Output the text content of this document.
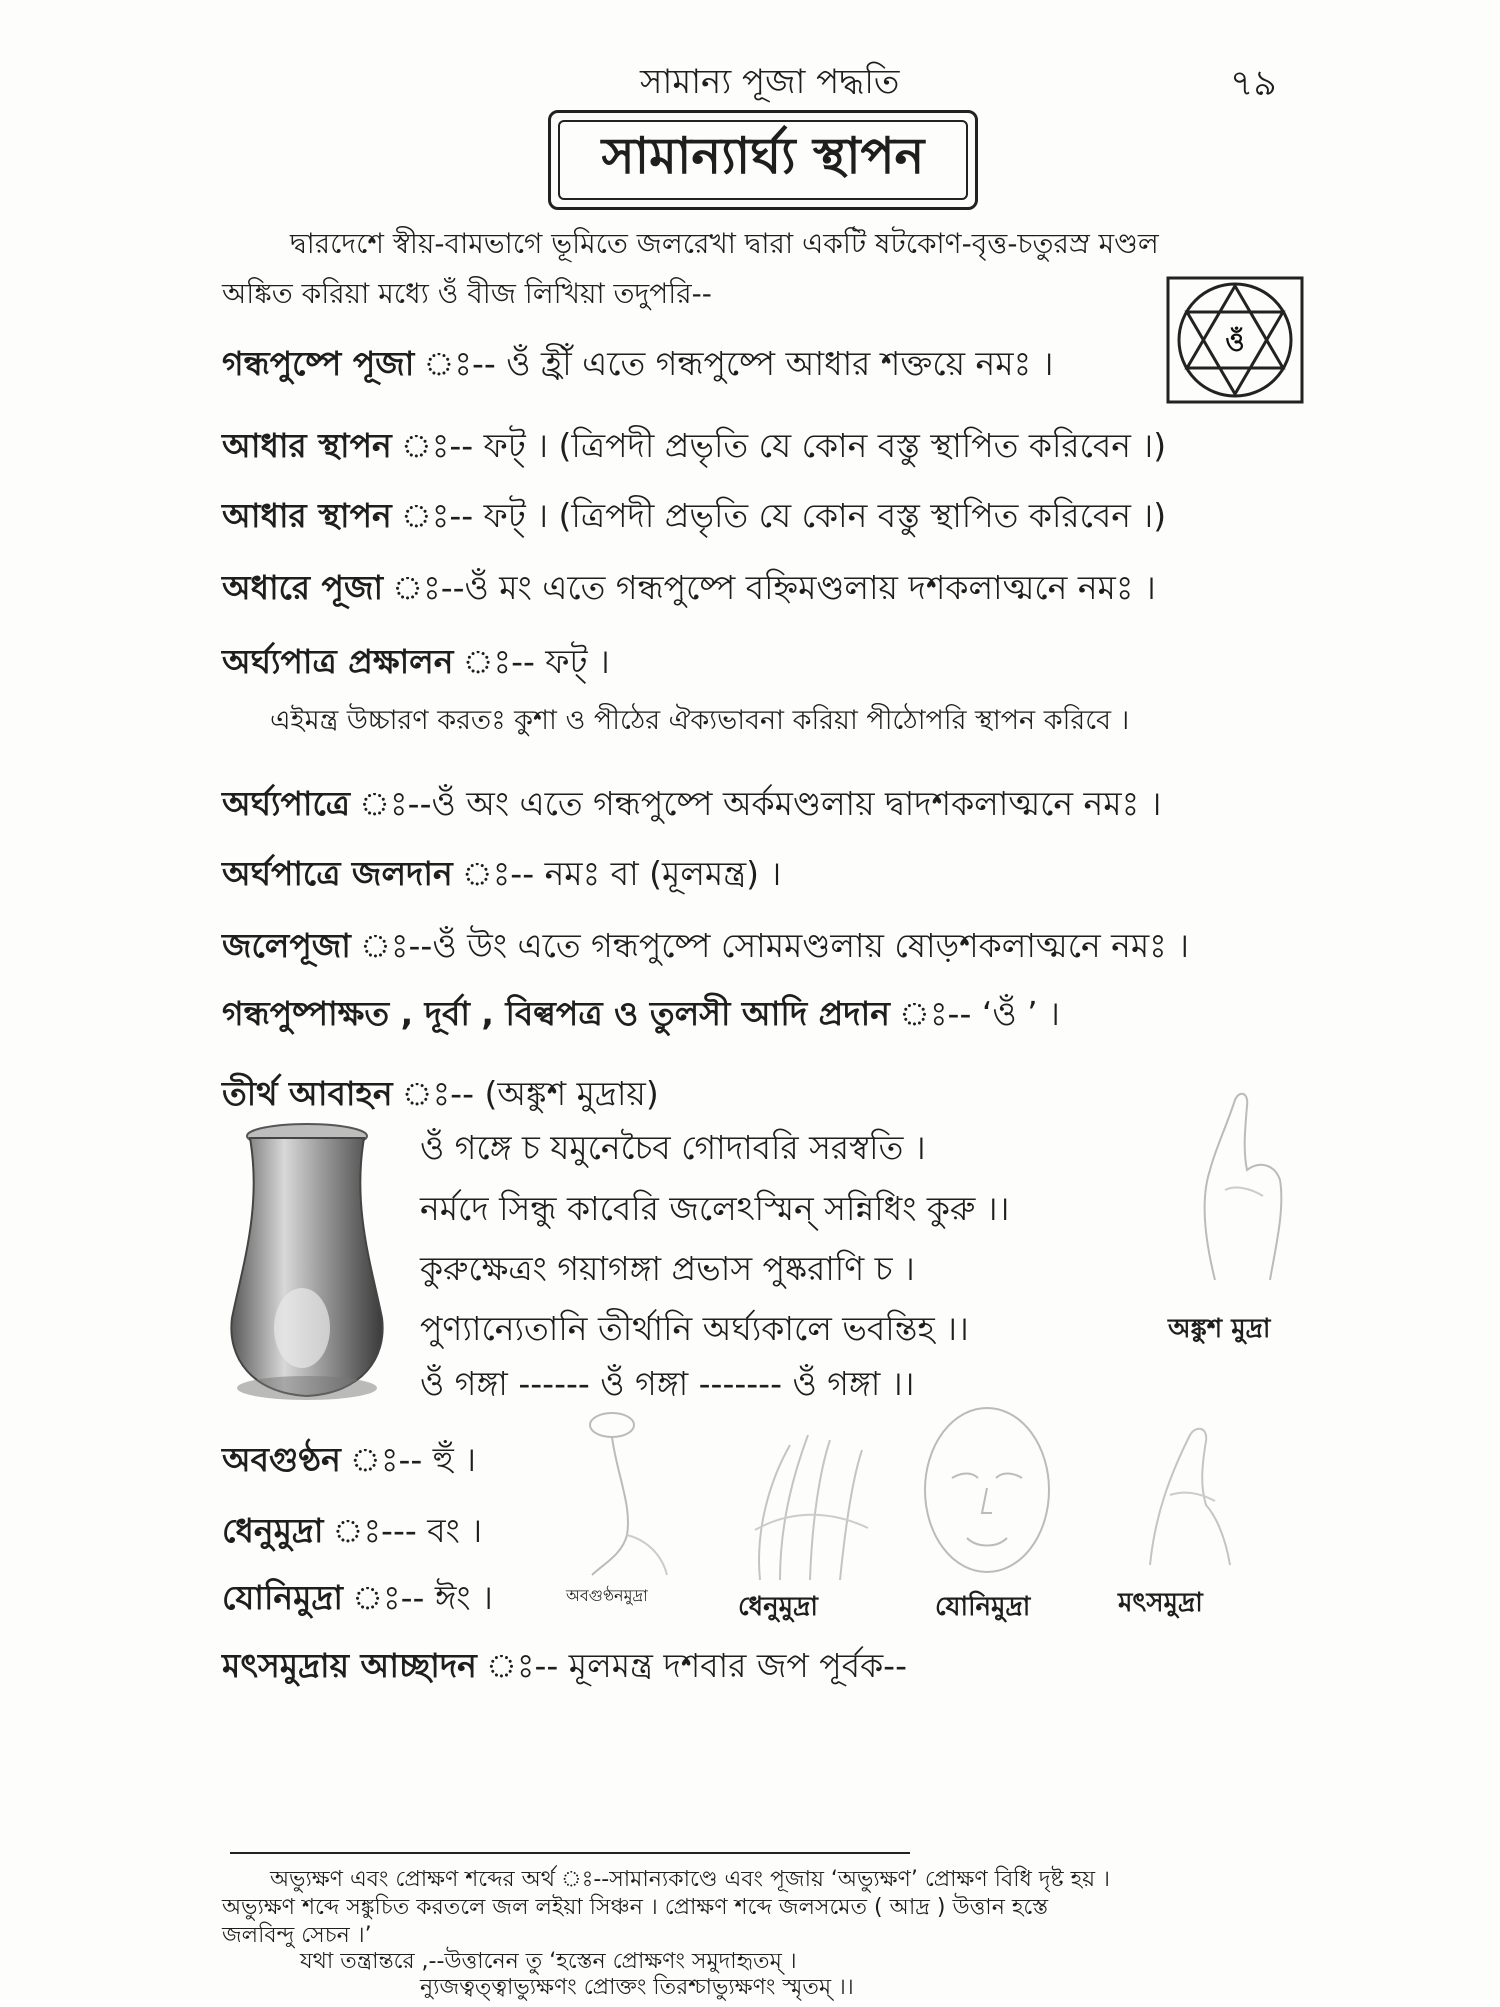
সামান্য পূজা পদ্ধতি	৭৯
সামান্যার্ঘ্য স্থাপন
দ্বারদেশে স্বীয়-বামভাগে ভূমিতে জলরেখা দ্বারা একটি ষটকোণ-বৃত্ত-চতুরস্র মণ্ডল
অঙ্কিত করিয়া মধ্যে ওঁ বীজ লিখিয়া তদুপরি--
ওঁ
গন্ধপুষ্পে পূজা ঃ-- ওঁ হ্রীঁ এতে গন্ধপুষ্পে আধার শক্তয়ে নমঃ ।
আধার স্থাপন ঃ-- ফট্ । (ত্রিপদী প্রভৃতি যে কোন বস্তু স্থাপিত করিবেন ।)
আধার স্থাপন ঃ-- ফট্ । (ত্রিপদী প্রভৃতি যে কোন বস্তু স্থাপিত করিবেন ।)
অধারে পূজা ঃ--ওঁ মং এতে গন্ধপুষ্পে বহ্নিমণ্ডলায় দশকলাত্মনে নমঃ ।
অর্ঘ্যপাত্র প্রক্ষালন ঃ-- ফট্ ।
এইমন্ত্র উচ্চারণ করতঃ কুশা ও পীঠের ঐক্যভাবনা করিয়া পীঠোপরি স্থাপন করিবে ।
অর্ঘ্যপাত্রে ঃ--ওঁ অং এতে গন্ধপুষ্পে অর্কমণ্ডলায় দ্বাদশকলাত্মনে নমঃ ।
অর্ঘপাত্রে জলদান ঃ-- নমঃ বা (মূলমন্ত্র) ।
জলেপূজা ঃ--ওঁ উং এতে গন্ধপুষ্পে সোমমণ্ডলায় ষোড়শকলাত্মনে নমঃ ।
গন্ধপুষ্পাক্ষত , দূর্বা , বিল্বপত্র ও তুলসী আদি প্রদান ঃ-- ‘ওঁ ’ ।
তীর্থ আবাহন ঃ-- (অঙ্কুশ মুদ্রায়)
ওঁ গঙ্গে চ যমুনেচৈব গোদাবরি সরস্বতি ।
নর্মদে সিন্ধু কাবেরি জলেঽস্মিন্ সন্নিধিং কুরু ।।
কুরুক্ষেত্রং গয়াগঙ্গা প্রভাস পুষ্করাণি চ ।
পুণ্যান্যেতানি তীর্থানি অর্ঘ্যকালে ভবন্তিহ ।।
ওঁ গঙ্গা ------ ওঁ গঙ্গা ------- ওঁ গঙ্গা ।।
অঙ্কুশ মুদ্রা
অবগুণ্ঠন ঃ-- হুঁ ।
ধেনুমুদ্রা ঃ--- বং ।
যোনিমুদ্রা ঃ-- ঈং ।
মৎসমুদ্রায় আচ্ছাদন ঃ-- মূলমন্ত্র দশবার জপ পূর্বক--
অবগুণ্ঠনমুদ্রা	ধেনুমুদ্রা	যোনিমুদ্রা	মৎসমুদ্রা
অভ্যুক্ষণ এবং প্রোক্ষণ শব্দের অর্থ ঃ--সামান্যকাণ্ডে এবং পূজায় ‘অভ্যুক্ষণ’ প্রোক্ষণ বিধি দৃষ্ট হয় ।
অভ্যুক্ষণ শব্দে সঙ্কুচিত করতলে জল লইয়া সিঞ্চন । প্রোক্ষণ শব্দে জলসমেত ( আদ্র ) উত্তান হস্তে
জলবিন্দু সেচন ।’
যথা তন্ত্রান্তরে ,--উত্তানেন তু ‘হস্তেন প্রোক্ষণং সমুদাহৃতম্ ।
ন্যুজত্বত্ত্বাভ্যুক্ষণং প্রোক্তং তিরশ্চাভ্যুক্ষণং স্মৃতম্ ।।
